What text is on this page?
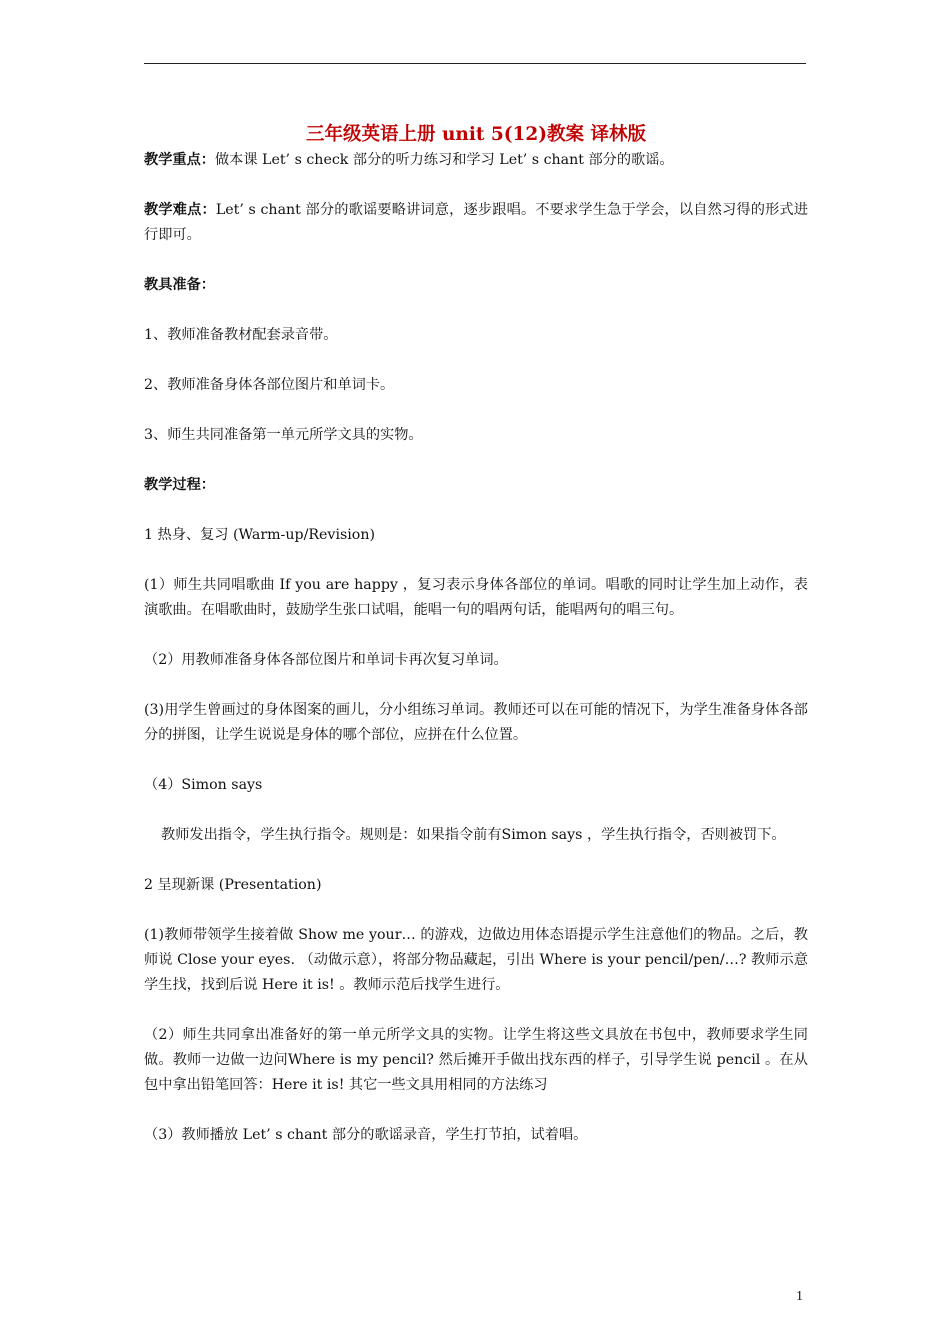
三年级英语上册 unit 5(12)教案 译林版
教学重点：做本课 Let’ s check 部分的听力练习和学习 Let’ s chant 部分的歌谣。
教学难点：Let’ s chant 部分的歌谣要略讲词意，逐步跟唱。不要求学生急于学会，以自然习得的形式进行即可。
教具准备：
1、教师准备教材配套录音带。
2、教师准备身体各部位图片和单词卡。
3、师生共同准备第一单元所学文具的实物。
教学过程：
1 热身、复习 (Warm-up/Revision)
(1）师生共同唱歌曲 If you are happy ，复习表示身体各部位的单词。唱歌的同时让学生加上动作，表演歌曲。在唱歌曲时，鼓励学生张口试唱，能唱一句的唱两句话，能唱两句的唱三句。
（2）用教师准备身体各部位图片和单词卡再次复习单词。
(3)用学生曾画过的身体图案的画儿，分小组练习单词。教师还可以在可能的情况下，为学生准备身体各部分的拼图，让学生说说是身体的哪个部位，应拼在什么位置。
（4）Simon says
教师发出指令，学生执行指令。规则是：如果指令前有Simon says ，学生执行指令，否则被罚下。
2 呈现新课 (Presentation)
(1)教师带领学生接着做 Show me your… 的游戏，边做边用体态语提示学生注意他们的物品。之后，教师说 Close your eyes. （动做示意），将部分物品藏起，引出 Where is your pencil/pen/…? 教师示意学生找，找到后说 Here it is! 。教师示范后找学生进行。
（2）师生共同拿出准备好的第一单元所学文具的实物。让学生将这些文具放在书包中，教师要求学生同做。教师一边做一边问Where is my pencil? 然后摊开手做出找东西的样子，引导学生说 pencil 。在从包中拿出铅笔回答：Here it is! 其它一些文具用相同的方法练习
（3）教师播放 Let’ s chant 部分的歌谣录音，学生打节拍，试着唱。
1
